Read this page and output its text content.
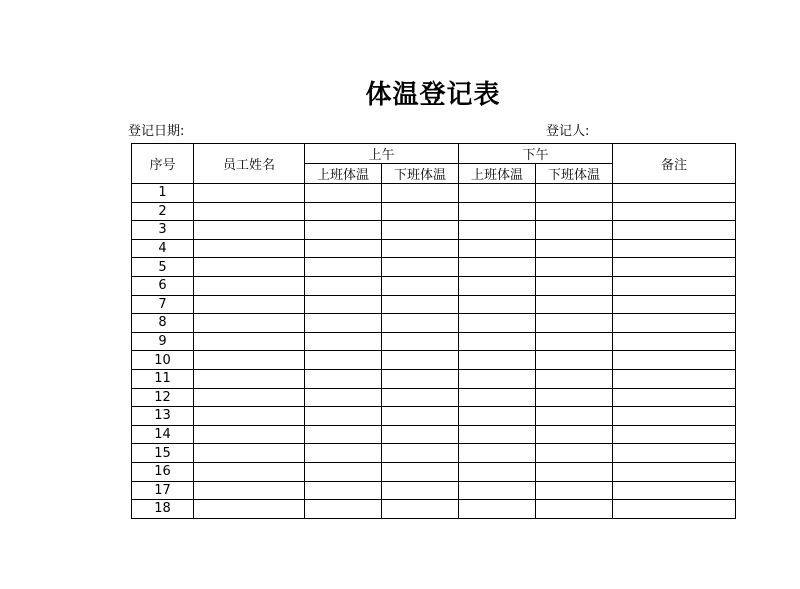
体温登记表
登记日期:	登记人:
序号	员工姓名	上午		下午		备注
		上班体温	下班体温	上班体温	下班体温	
1						
2						
3						
4						
5						
6						
7						
8						
9						
10						
11						
12						
13						
14						
15						
16						
17						
18						
